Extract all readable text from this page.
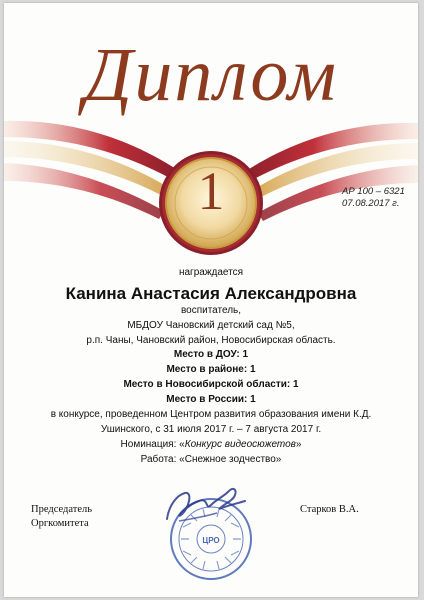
Диплом
1	АР 100 – 6321
07.08.2017 г.
награждается
Канина Анастасия Александровна
воспитатель,
МБДОУ Чановский детский сад №5,
р.п. Чаны, Чановский район, Новосибирская область.
Место в ДОУ: 1
Место в районе: 1
Место в Новосибирской области: 1
Место в России: 1
в конкурсе, проведенном Центром развития образования имени К.Д.
Ушинского, с 31 июля 2017 г. – 7 августа 2017 г.
Номинация: «Конкурс видеосюжетов»
Работа: «Снежное зодчество»
Председатель
Оргкомитета
Старков В.А.
ЦРО
